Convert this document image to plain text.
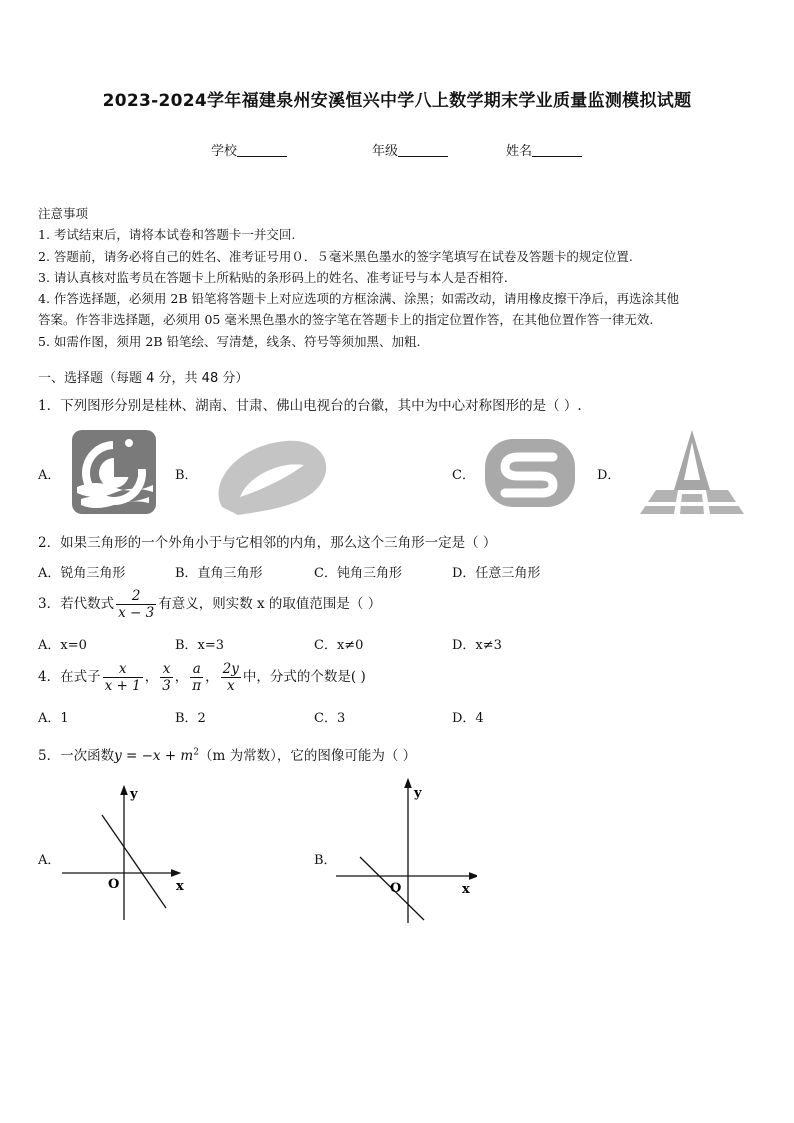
2023-2024学年福建泉州安溪恒兴中学八上数学期末学业质量监测模拟试题
学校	年级	姓名
注意事项
1. 考试结束后，请将本试卷和答题卡一并交回.
2. 答题前，请务必将自己的姓名、准考证号用０．５毫米黑色墨水的签字笔填写在试卷及答题卡的规定位置.
3. 请认真核对监考员在答题卡上所粘贴的条形码上的姓名、准考证号与本人是否相符.
4. 作答选择题，必须用 2B 铅笔将答题卡上对应选项的方框涂满、涂黑；如需改动，请用橡皮擦干净后，再选涂其他
答案。作答非选择题，必须用 05 毫米黑色墨水的签字笔在答题卡上的指定位置作答，在其他位置作答一律无效.
5. 如需作图，须用 2B 铅笔绘、写清楚，线条、符号等须加黑、加粗.
一、选择题（每题 4 分，共 48 分）
1．下列图形分别是桂林、湖南、甘肃、佛山电视台的台徽，其中为中心对称图形的是（ ）.
A．	B．	C．	D．
2．如果三角形的一个外角小于与它相邻的内角，那么这个三角形一定是（ ）
A．锐角三角形	B．直角三角形	C．钝角三角形	D．任意三角形
3．若代数式 $\frac{2}{x - 3}$ 有意义，则实数 x 的取值范围是（ ）
A．x=0	B．x=3	C．x≠0	D．x≠3
4．在式子 $\frac{x}{x + 1}$ ， $\frac{x}{3}$ ， $\frac{a}{\pi}$ ， $\frac{2y}{x}$ 中，分式的个数是( )
A．1	B．2	C．3	D．4
5．一次函数$y = -x + m^2(m$ 为常数），它的图像可能为（ ）
A．
y
x
O
B．
y
x
O
